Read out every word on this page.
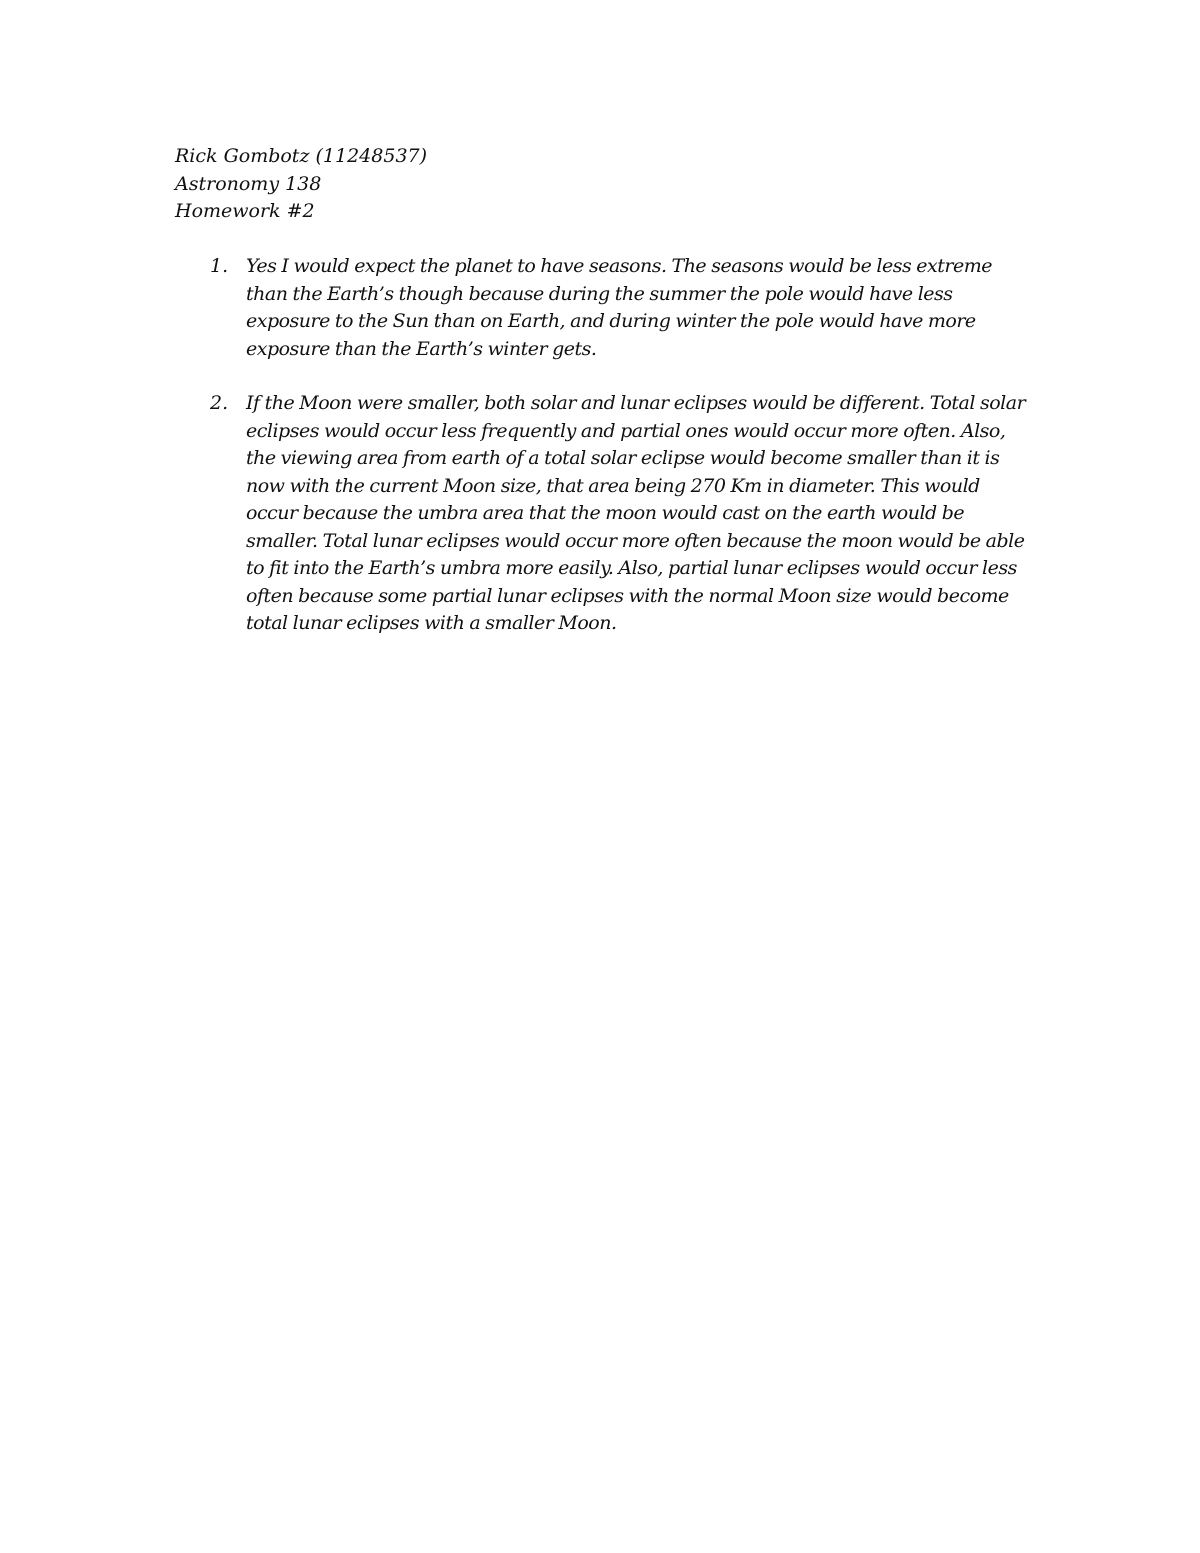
Rick Gombotz (11248537)
Astronomy 138
Homework #2
1. Yes I would expect the planet to have seasons. The seasons would be less extreme than the Earth’s though because during the summer the pole would have less exposure to the Sun than on Earth, and during winter the pole would have more exposure than the Earth’s winter gets.
2. If the Moon were smaller, both solar and lunar eclipses would be different. Total solar eclipses would occur less frequently and partial ones would occur more often. Also, the viewing area from earth of a total solar eclipse would become smaller than it is now with the current Moon size, that area being 270 Km in diameter. This would occur because the umbra area that the moon would cast on the earth would be smaller. Total lunar eclipses would occur more often because the moon would be able to fit into the Earth’s umbra more easily. Also, partial lunar eclipses would occur less often because some partial lunar eclipses with the normal Moon size would become total lunar eclipses with a smaller Moon.
